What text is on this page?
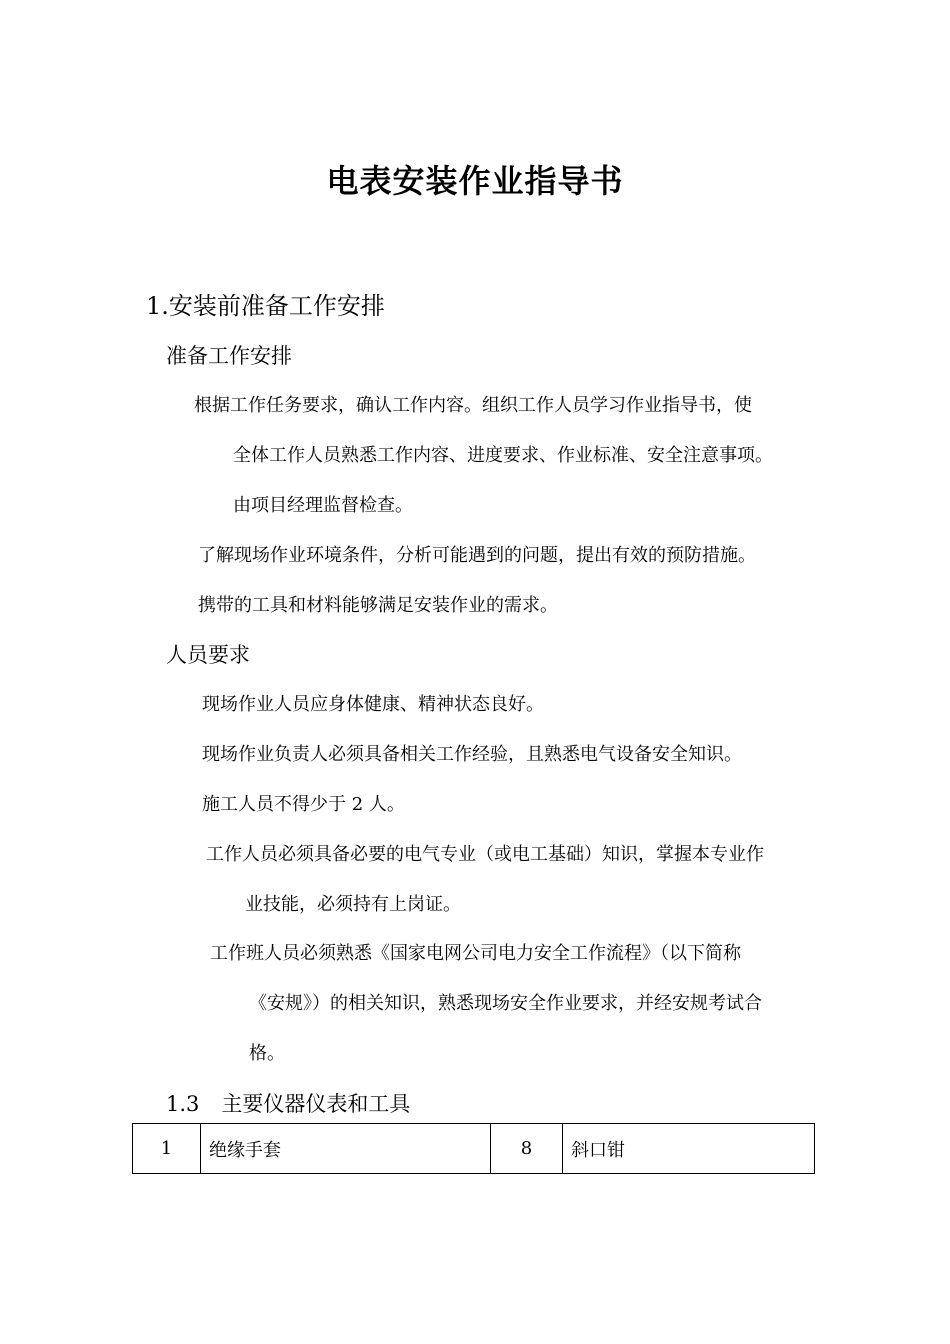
电表安装作业指导书
1.安装前准备工作安排
准备工作安排
根据工作任务要求，确认工作内容。组织工作人员学习作业指导书，使
全体工作人员熟悉工作内容、进度要求、作业标准、安全注意事项。
由项目经理监督检查。
了解现场作业环境条件，分析可能遇到的问题，提出有效的预防措施。
携带的工具和材料能够满足安装作业的需求。
人员要求
现场作业人员应身体健康、精神状态良好。
现场作业负责人必须具备相关工作经验，且熟悉电气设备安全知识。
施工人员不得少于 2 人。
工作人员必须具备必要的电气专业（或电工基础）知识，掌握本专业作
业技能，必须持有上岗证。
工作班人员必须熟悉《国家电网公司电力安全工作流程》（以下简称
《安规》）的相关知识，熟悉现场安全作业要求，并经安规考试合
格。
1.3 主要仪器仪表和工具
1	绝缘手套	8	斜口钳
